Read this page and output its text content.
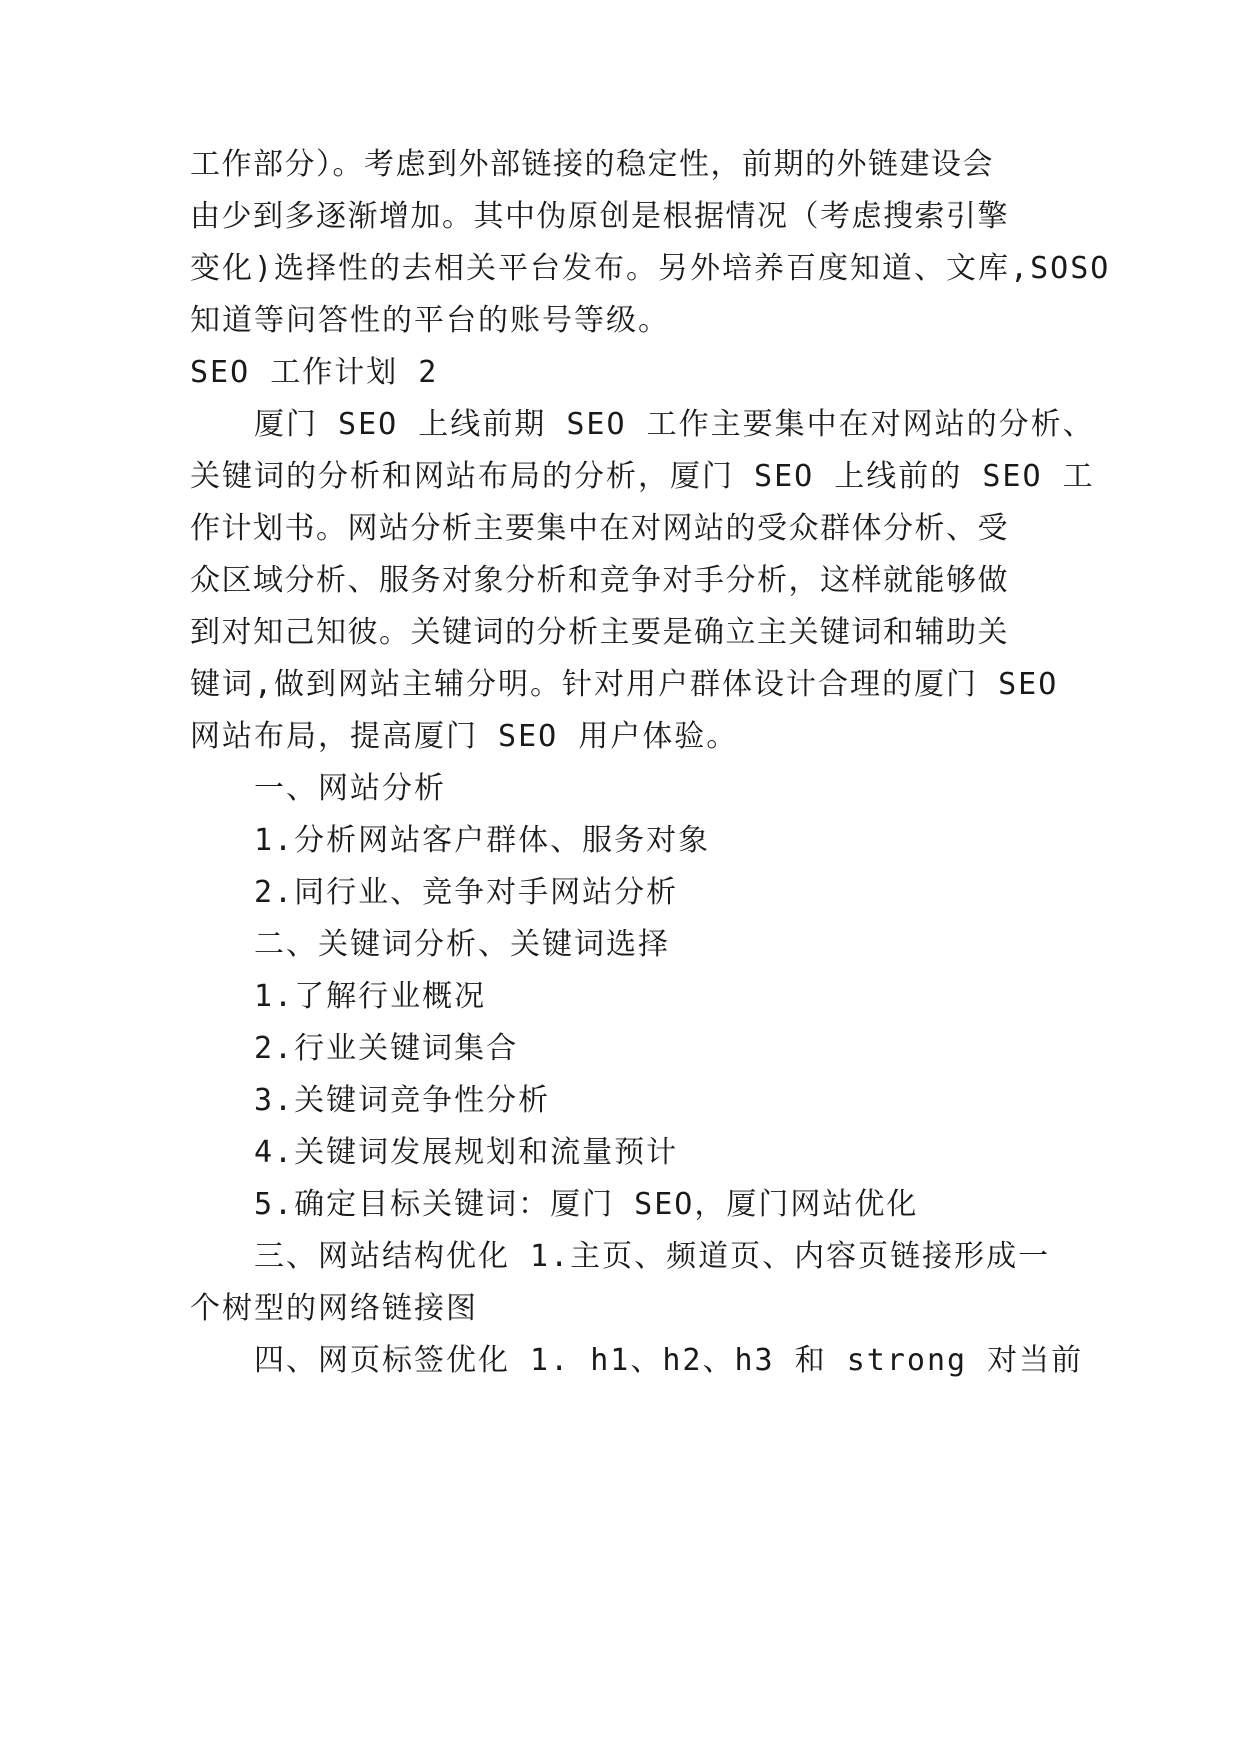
工作部分）。考虑到外部链接的稳定性，前期的外链建设会
由少到多逐渐增加。其中伪原创是根据情况（考虑搜索引擎
变化)选择性的去相关平台发布。另外培养百度知道、文库,SOSO
知道等问答性的平台的账号等级。
SEO 工作计划 2
厦门 SEO 上线前期 SEO 工作主要集中在对网站的分析、
关键词的分析和网站布局的分析，厦门 SEO 上线前的 SEO 工
作计划书。网站分析主要集中在对网站的受众群体分析、受
众区域分析、服务对象分析和竞争对手分析，这样就能够做
到对知己知彼。关键词的分析主要是确立主关键词和辅助关
键词,做到网站主辅分明。针对用户群体设计合理的厦门 SEO
网站布局，提高厦门 SEO 用户体验。
一、网站分析
1.分析网站客户群体、服务对象
2.同行业、竞争对手网站分析
二、关键词分析、关键词选择
1.了解行业概况
2.行业关键词集合
3.关键词竞争性分析
4.关键词发展规划和流量预计
5.确定目标关键词：厦门 SEO，厦门网站优化
三、网站结构优化 1.主页、频道页、内容页链接形成一
个树型的网络链接图
四、网页标签优化 1. h1、h2、h3 和 strong 对当前
